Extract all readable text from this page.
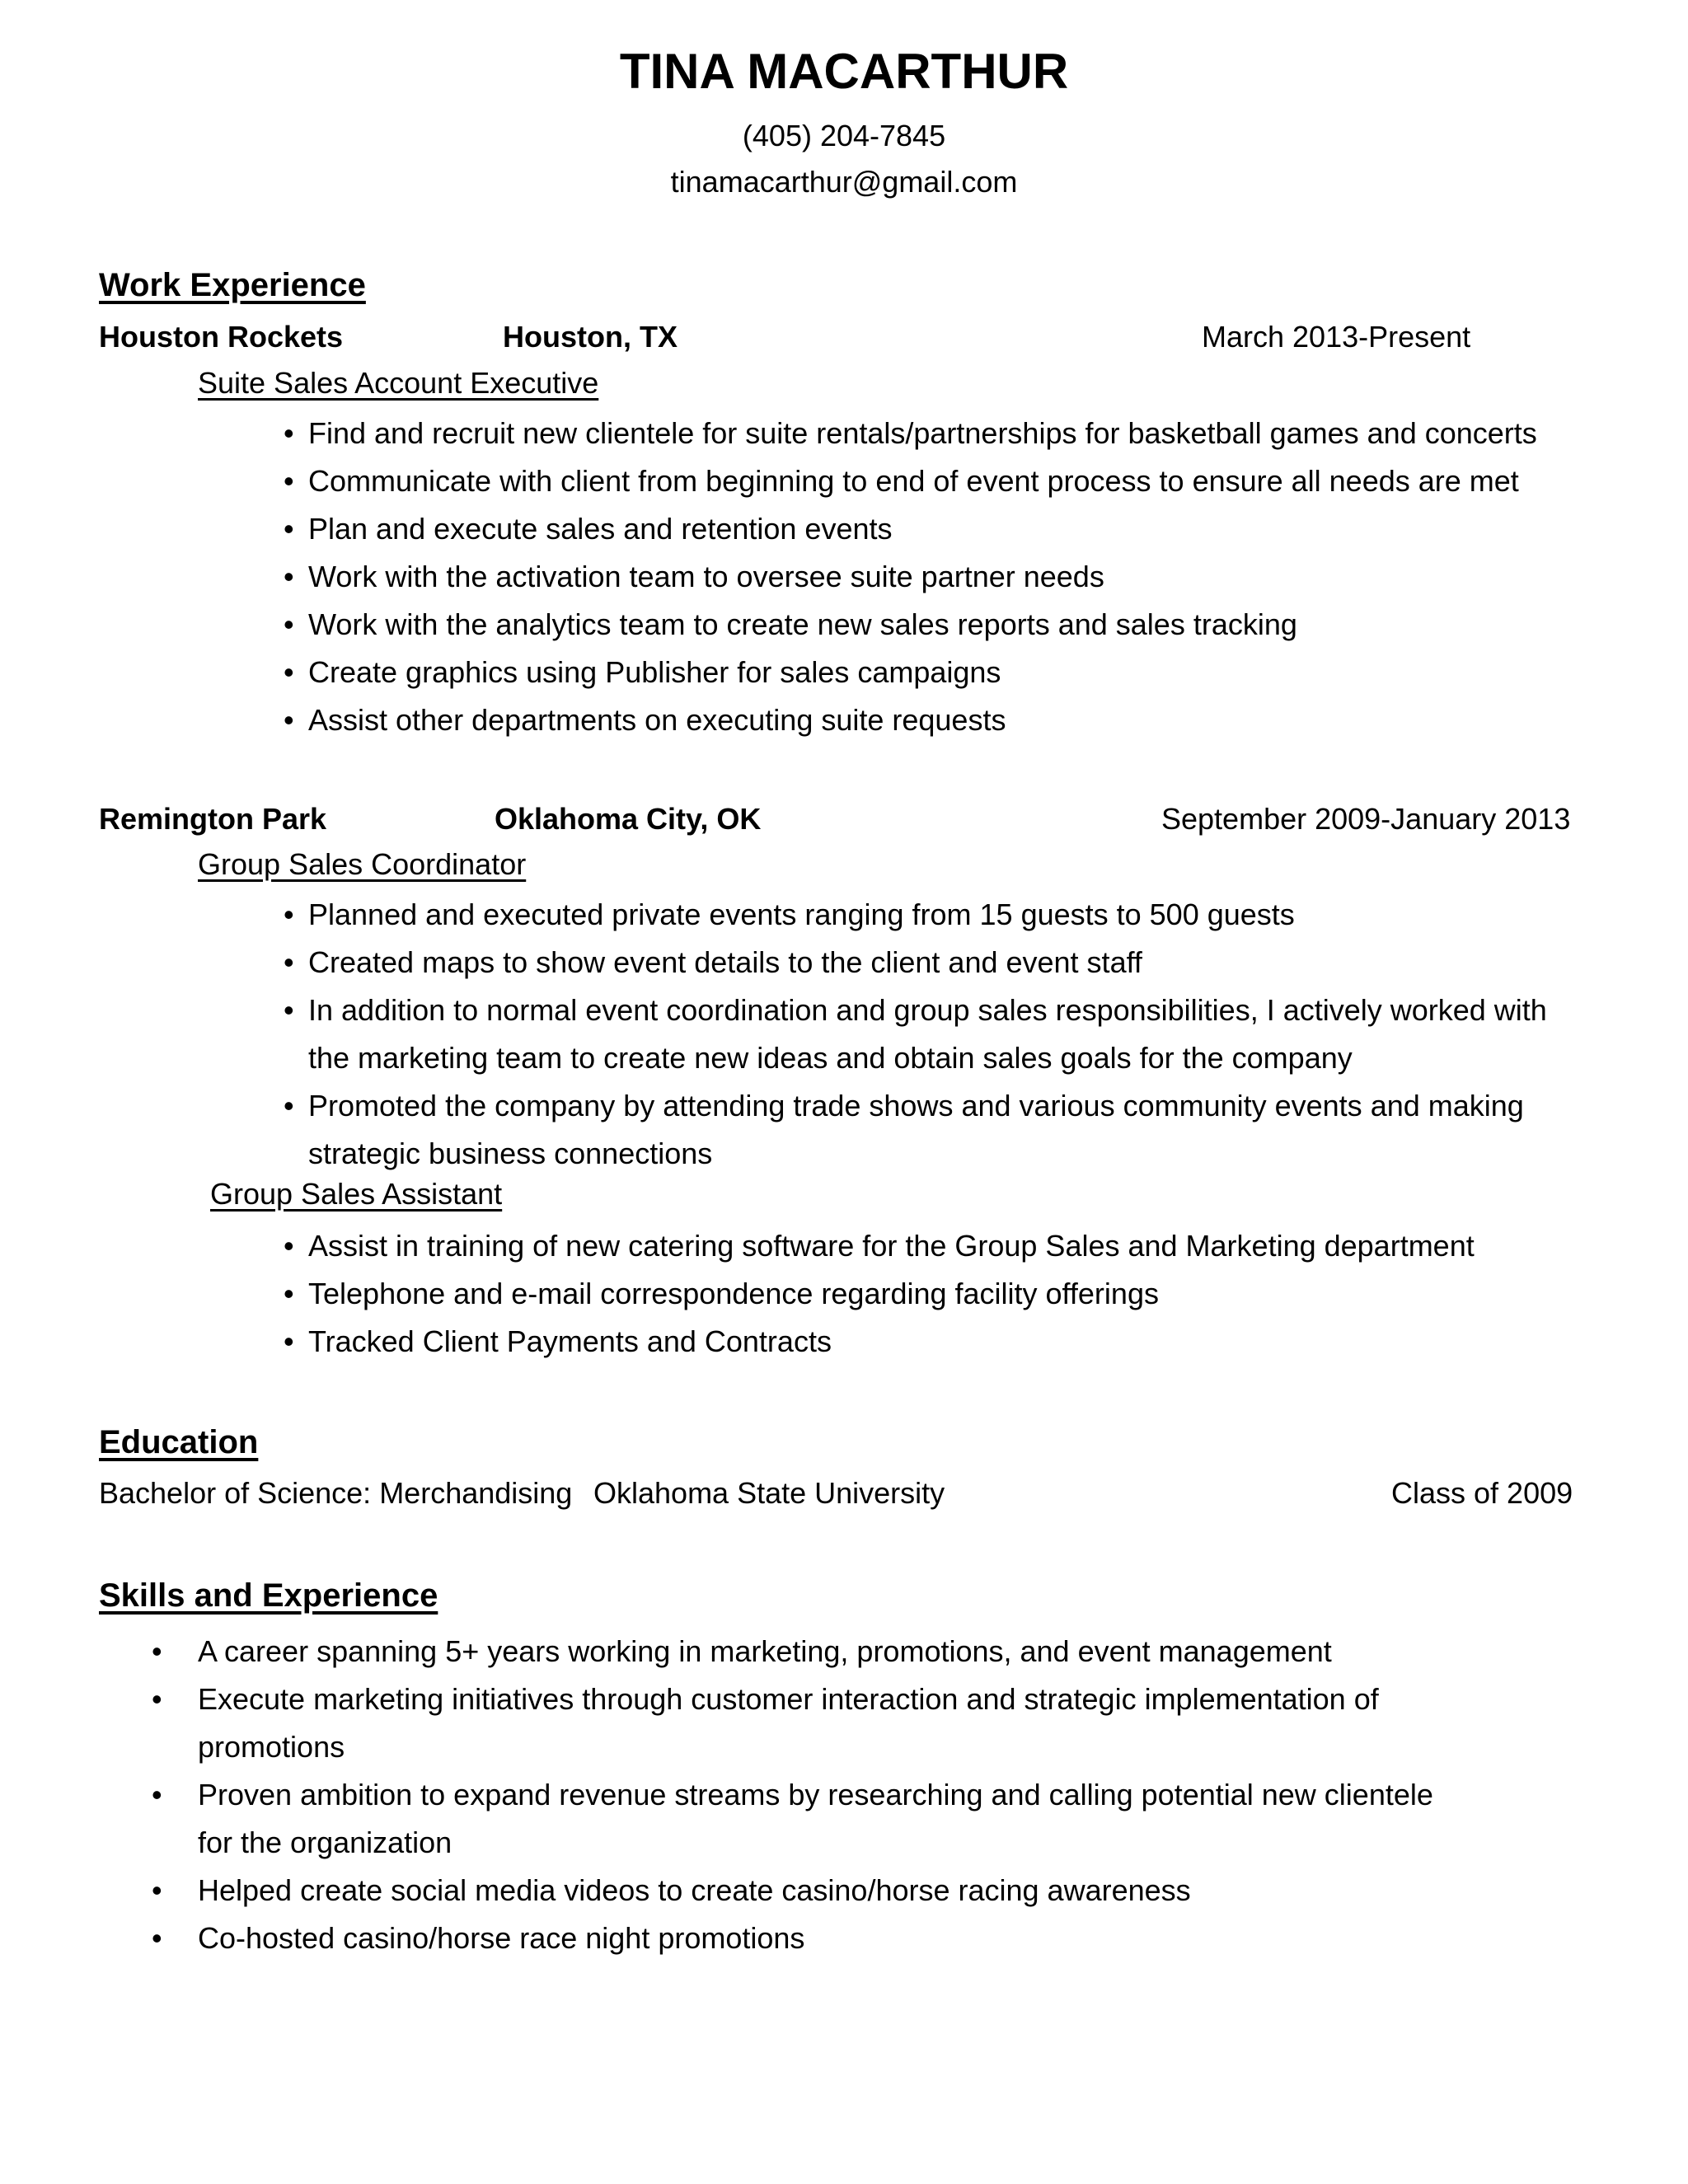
TINA MACARTHUR
(405) 204-7845
tinamacarthur@gmail.com
Work Experience
Houston Rockets	Houston, TX	March 2013-Present
Suite Sales Account Executive
• Find and recruit new clientele for suite rentals/partnerships for basketball games and concerts
• Communicate with client from beginning to end of event process to ensure all needs are met
• Plan and execute sales and retention events
• Work with the activation team to oversee suite partner needs
• Work with the analytics team to create new sales reports and sales tracking
• Create graphics using Publisher for sales campaigns
• Assist other departments on executing suite requests
Remington Park	Oklahoma City, OK	September 2009-January 2013
Group Sales Coordinator
• Planned and executed private events ranging from 15 guests to 500 guests
• Created maps to show event details to the client and event staff
• In addition to normal event coordination and group sales responsibilities, I actively worked with the marketing team to create new ideas and obtain sales goals for the company
• Promoted the company by attending trade shows and various community events and making strategic business connections
Group Sales Assistant
• Assist in training of new catering software for the Group Sales and Marketing department
• Telephone and e-mail correspondence regarding facility offerings
• Tracked Client Payments and Contracts
Education
Bachelor of Science: Merchandising Oklahoma State University	Class of 2009
Skills and Experience
• A career spanning 5+ years working in marketing, promotions, and event management
• Execute marketing initiatives through customer interaction and strategic implementation of promotions
• Proven ambition to expand revenue streams by researching and calling potential new clientele for the organization
• Helped create social media videos to create casino/horse racing awareness
• Co-hosted casino/horse race night promotions
